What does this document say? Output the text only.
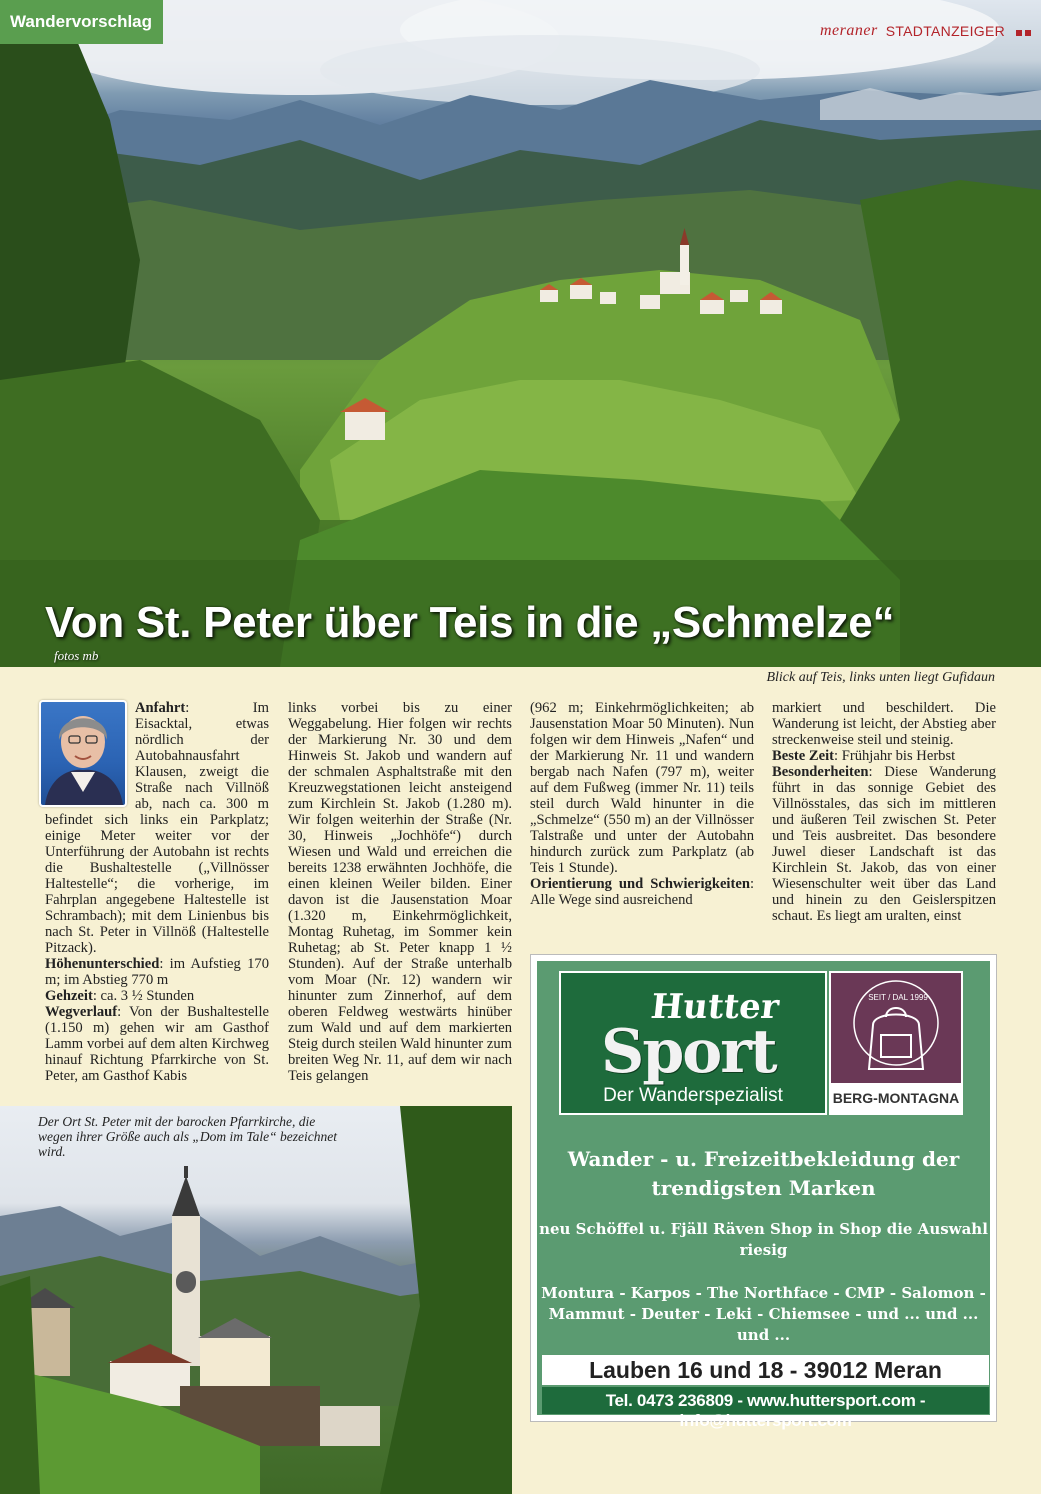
Wandervorschlag	meraner STADTANZEIGER
Von St. Peter über Teis in die „Schmelze“
fotos mb
Blick auf Teis, links unten liegt Gufidaun

Anfahrt: Im Eisacktal, etwas nördlich der Autobahnausfahrt Klausen, zweigt die Straße nach Villnöß ab, nach ca. 300 m befindet sich links ein Parkplatz; einige Meter weiter vor der Unterführung der Autobahn ist rechts die Bushaltestelle („Villnösser Haltestelle“; die vorherige, im Fahrplan angegebene Haltestelle ist Schrambach); mit dem Linienbus bis nach St. Peter in Villnöß (Haltestelle Pitzack).

Höhenunterschied: im Aufstieg 170 m; im Abstieg 770 m

Gehzeit: ca. 3 ½ Stunden

Wegverlauf: Von der Bushaltestelle (1.150 m) gehen wir am Gasthof Lamm vorbei auf dem alten Kirchweg hinauf Richtung Pfarrkirche von St. Peter, am Gasthof Kabis

links vorbei bis zu einer Weggabelung. Hier folgen wir rechts der Markierung Nr. 30 und dem Hinweis St. Jakob und wandern auf der schmalen Asphaltstraße mit den Kreuzwegstationen leicht ansteigend zum Kirchlein St. Jakob (1.280 m). Wir folgen weiterhin der Straße (Nr. 30, Hinweis „Jochhöfe“) durch Wiesen und Wald und erreichen die bereits 1238 erwähnten Jochhöfe, die einen kleinen Weiler bilden. Einer davon ist die Jausenstation Moar (1.320 m, Einkehrmöglichkeit, Montag Ruhetag, im Sommer kein Ruhetag; ab St. Peter knapp 1 ½ Stunden). Auf der Straße unterhalb vom Moar (Nr. 12) wandern wir hinunter zum Zinnerhof, auf dem oberen Feldweg westwärts hinüber zum Wald und auf dem markierten Steig durch steilen Wald hinunter zum breiten Weg Nr. 11, auf dem wir nach Teis gelangen

(962 m; Einkehrmöglichkeiten; ab Jausenstation Moar 50 Minuten). Nun folgen wir dem Hinweis „Nafen“ und der Markierung Nr. 11 und wandern bergab nach Nafen (797 m), weiter auf dem Fußweg (immer Nr. 11) teils steil durch Wald hinunter in die „Schmelze“ (550 m) an der Villnösser Talstraße und unter der Autobahn hindurch zurück zum Parkplatz (ab Teis 1 Stunde).

Orientierung und Schwierigkeiten: Alle Wege sind ausreichend

markiert und beschildert. Die Wanderung ist leicht, der Abstieg aber streckenweise steil und steinig.

Beste Zeit: Frühjahr bis Herbst

Besonderheiten: Diese Wanderung führt in das sonnige Gebiet des Villnösstales, das sich im mittleren und äußeren Teil zwischen St. Peter und Teis ausbreitet. Das besondere Juwel dieser Landschaft ist das Kirchlein St. Jakob, das von einer Wiesenschulter weit über das Land und hinein zu den Geislerspitzen schaut. Es liegt am uralten, einst

Der Ort St. Peter mit der barocken Pfarrkirche, die wegen ihrer Größe auch als „Dom im Tale“ bezeichnet wird.
Hutter
Sport
Der Wanderspezialist
SEIT / DAL 1999
BERG-MONTAGNA
Wander - u. Freizeitbekleidung der trendigsten Marken
neu Schöffel u. Fjäll Räven Shop in Shop die Auswahl riesig
Montura - Karpos - The Northface - CMP - Salomon - Mammut - Deuter - Leki - Chiemsee - und ... und ... und ...
Lauben 16 und 18 - 39012 Meran
Tel. 0473 236809 - www.huttersport.com - info@huttersport.com
